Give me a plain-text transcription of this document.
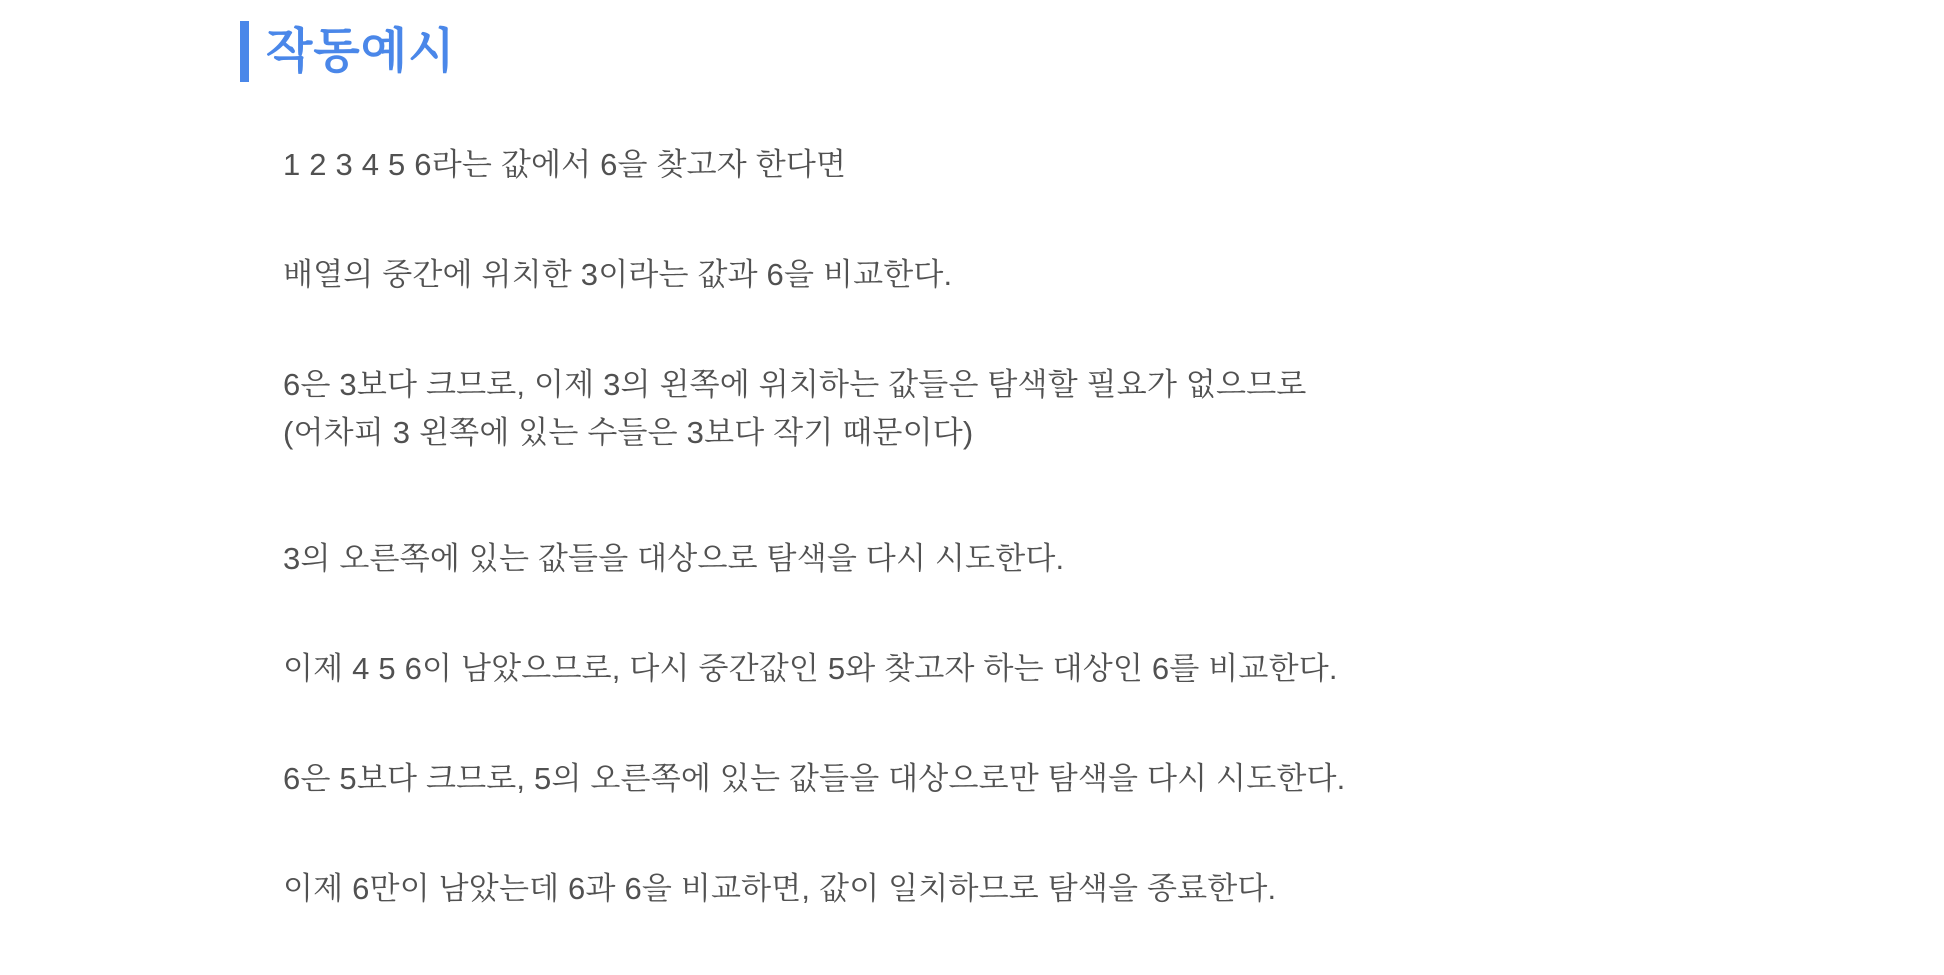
작동예시

1 2 3 4 5 6라는 값에서 6을 찾고자 한다면

배열의 중간에 위치한 3이라는 값과 6을 비교한다.

6은 3보다 크므로, 이제 3의 왼쪽에 위치하는 값들은 탐색할 필요가 없으므로
(어차피 3 왼쪽에 있는 수들은 3보다 작기 때문이다)

3의 오른쪽에 있는 값들을 대상으로 탐색을 다시 시도한다.

이제 4 5 6이 남았으므로, 다시 중간값인 5와 찾고자 하는 대상인 6를 비교한다.

6은 5보다 크므로, 5의 오른쪽에 있는 값들을 대상으로만 탐색을 다시 시도한다.

이제 6만이 남았는데 6과 6을 비교하면, 값이 일치하므로 탐색을 종료한다.
